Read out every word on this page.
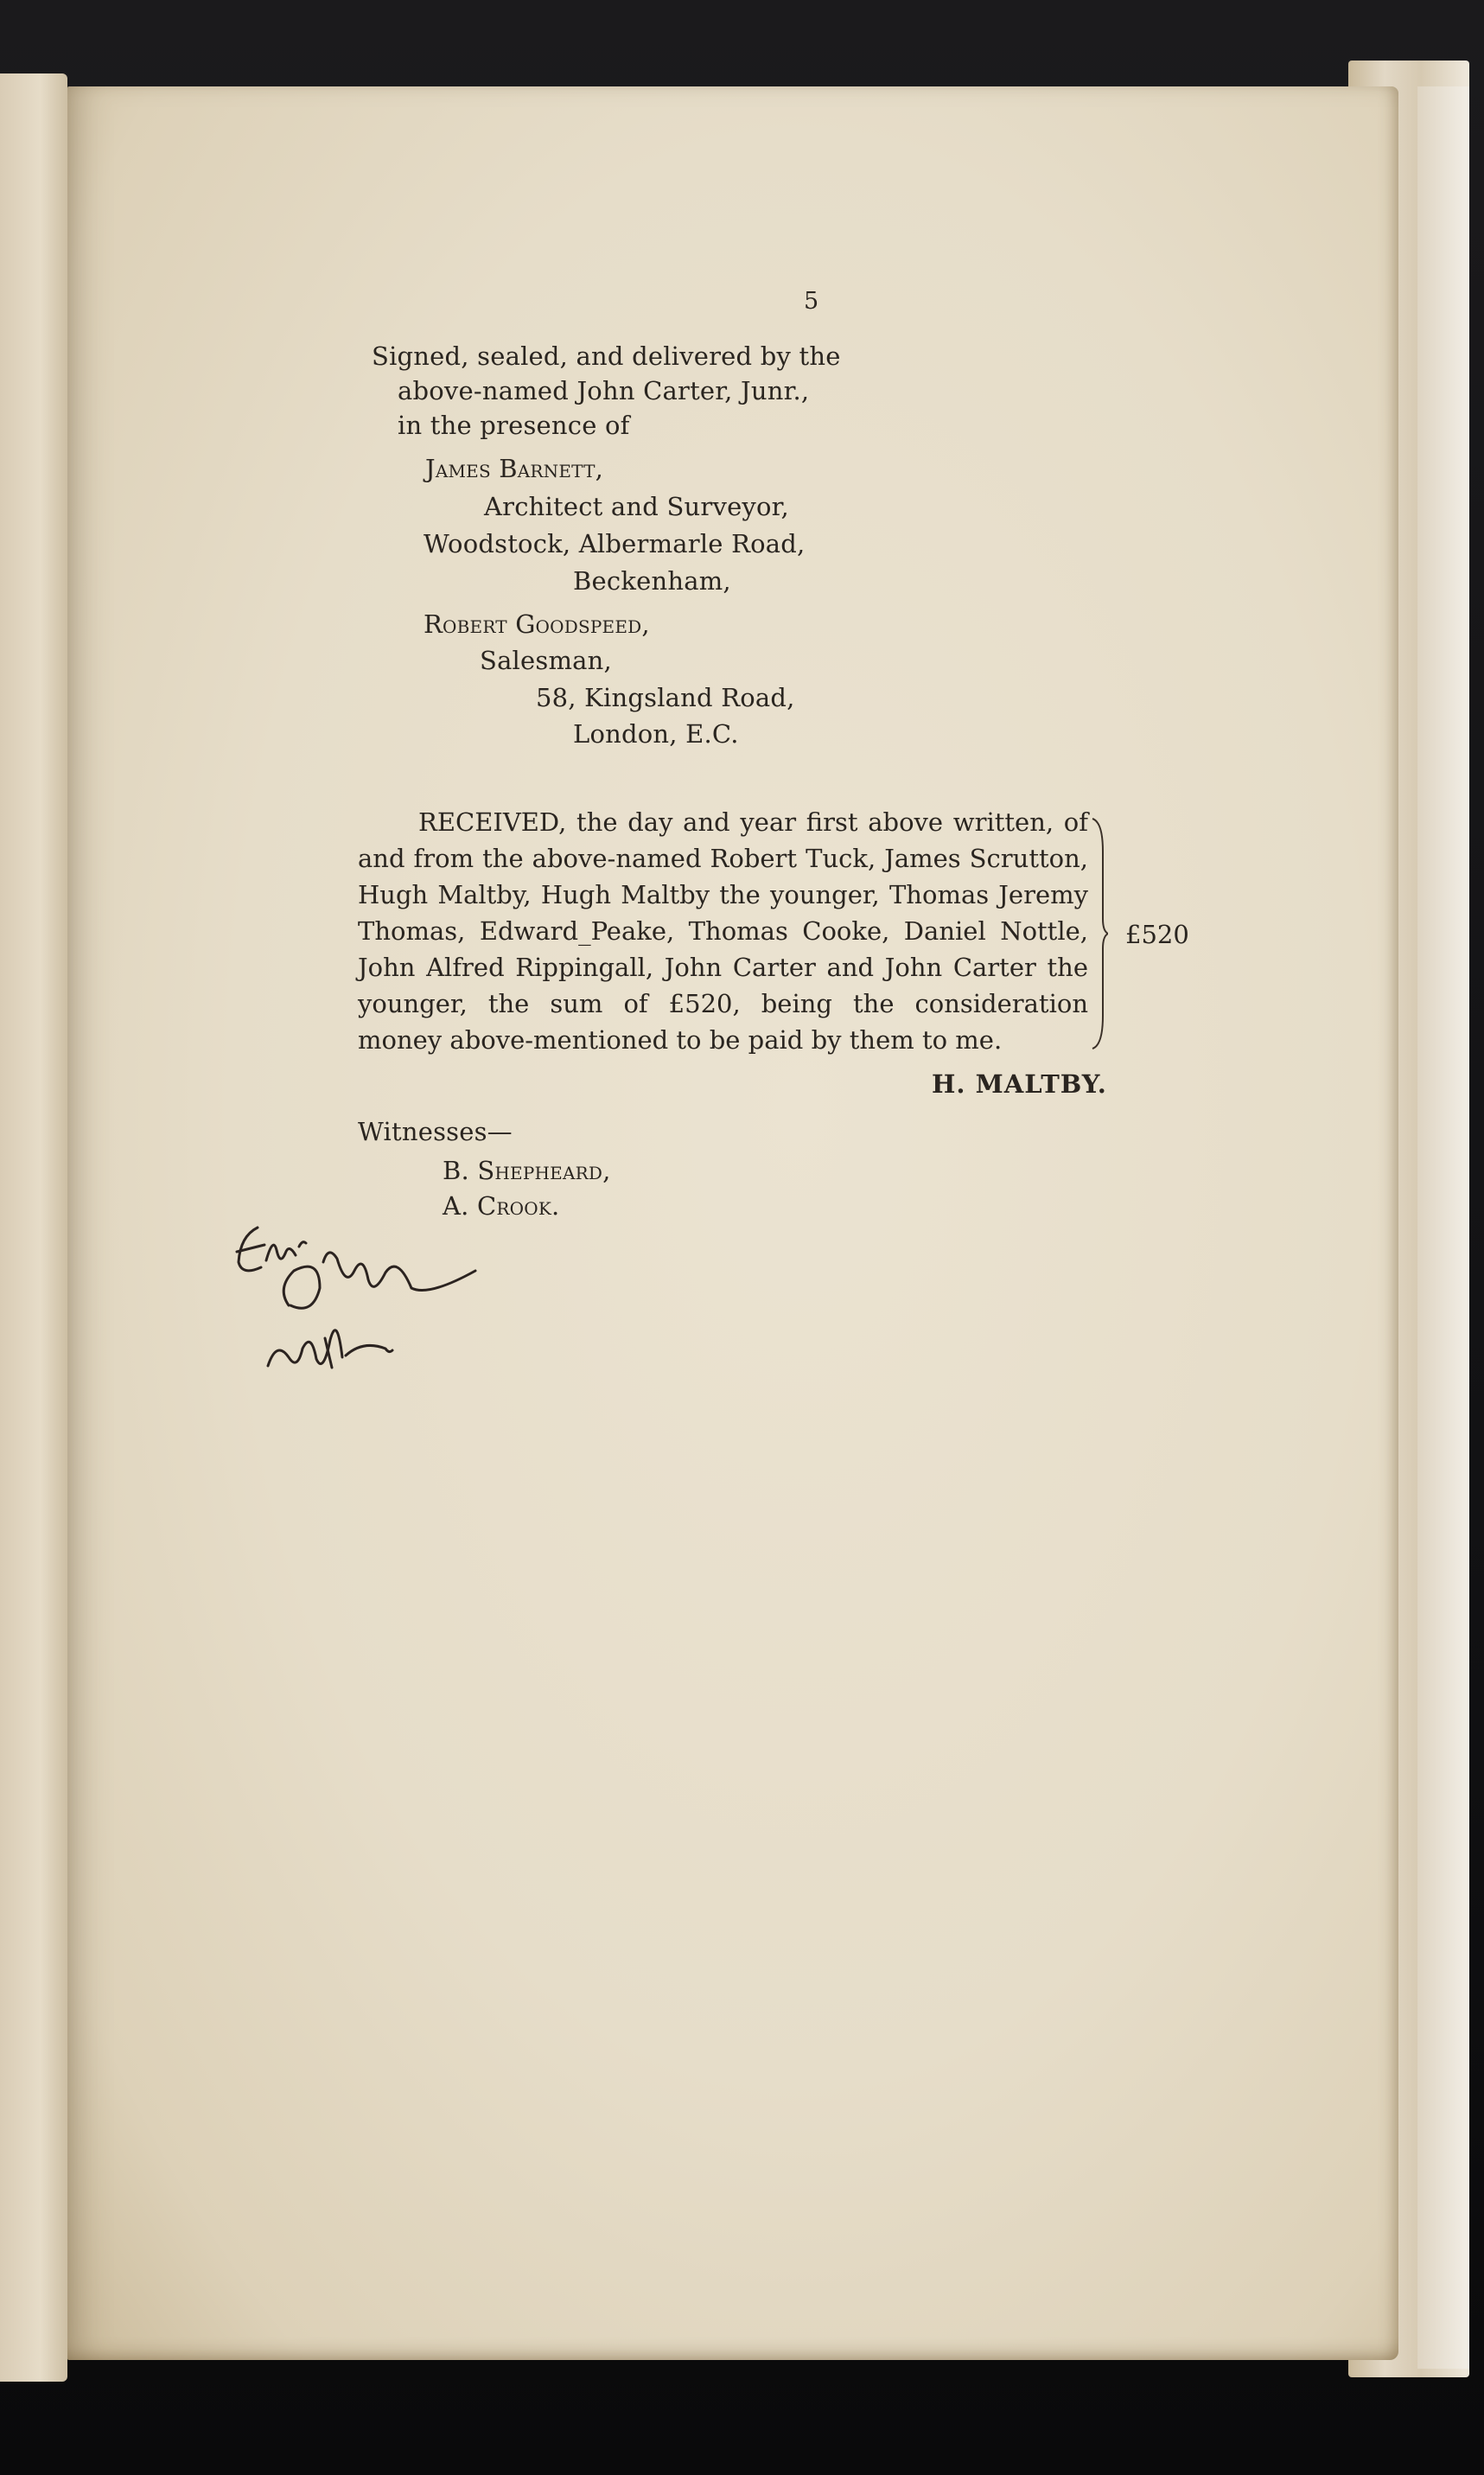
5
Signed, sealed, and delivered by the
above-named John Carter, Junr.,
in the presence of
James Barnett,
Architect and Surveyor,
Woodstock, Albermarle Road,
Beckenham,
Robert Goodspeed,
Salesman,
58, Kingsland Road,
London, E.C.

RECEIVED, the day and year first above written, of and from the above-named Robert Tuck, James Scrutton, Hugh Maltby, Hugh Maltby the younger, Thomas Jeremy Thomas, Edward_Peake, Thomas Cooke, Daniel Nottle, John Alfred Rippingall, John Carter and John Carter the younger, the sum of £520, being the consideration money above-mentioned to be paid by them to me.

£520
H. MALTBY.
Witnesses—
B. Shepheard,
A. Crook.
